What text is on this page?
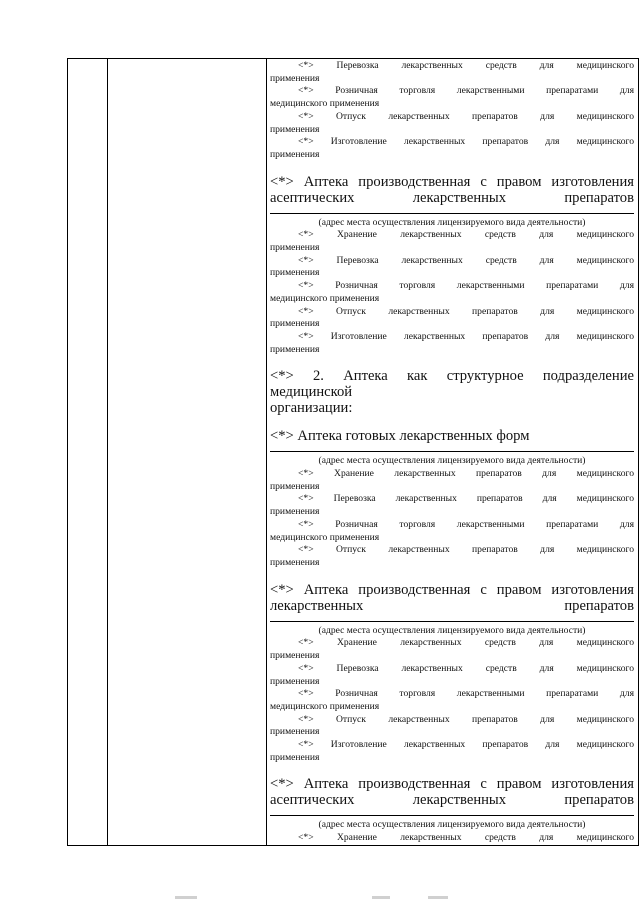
<*> Перевозка лекарственных средств для медицинского
применения
<*> Розничная торговля лекарственными препаратами для
медицинского применения
<*> Отпуск лекарственных препаратов для медицинского
применения
<*> Изготовление лекарственных препаратов для медицинского
применения
<*> Аптека производственная с правом изготовления
асептических лекарственных препаратов
(адрес места осуществления лицензируемого вида деятельности)
<*> Хранение лекарственных средств для медицинского
применения
<*> Перевозка лекарственных средств для медицинского
применения
<*> Розничная торговля лекарственными препаратами для
медицинского применения
<*> Отпуск лекарственных препаратов для медицинского
применения
<*> Изготовление лекарственных препаратов для медицинского
применения
<*> 2. Аптека как структурное подразделение медицинской
организации:
<*> Аптека готовых лекарственных форм
(адрес места осуществления лицензируемого вида деятельности)
<*> Хранение лекарственных препаратов для медицинского
применения
<*> Перевозка лекарственных препаратов для медицинского
применения
<*> Розничная торговля лекарственными препаратами для
медицинского применения
<*> Отпуск лекарственных препаратов для медицинского
применения
<*> Аптека производственная с правом изготовления
лекарственных препаратов
(адрес места осуществления лицензируемого вида деятельности)
<*> Хранение лекарственных средств для медицинского
применения
<*> Перевозка лекарственных средств для медицинского
применения
<*> Розничная торговля лекарственными препаратами для
медицинского применения
<*> Отпуск лекарственных препаратов для медицинского
применения
<*> Изготовление лекарственных препаратов для медицинского
применения
<*> Аптека производственная с правом изготовления
асептических лекарственных препаратов
(адрес места осуществления лицензируемого вида деятельности)
<*> Хранение лекарственных средств для медицинского
